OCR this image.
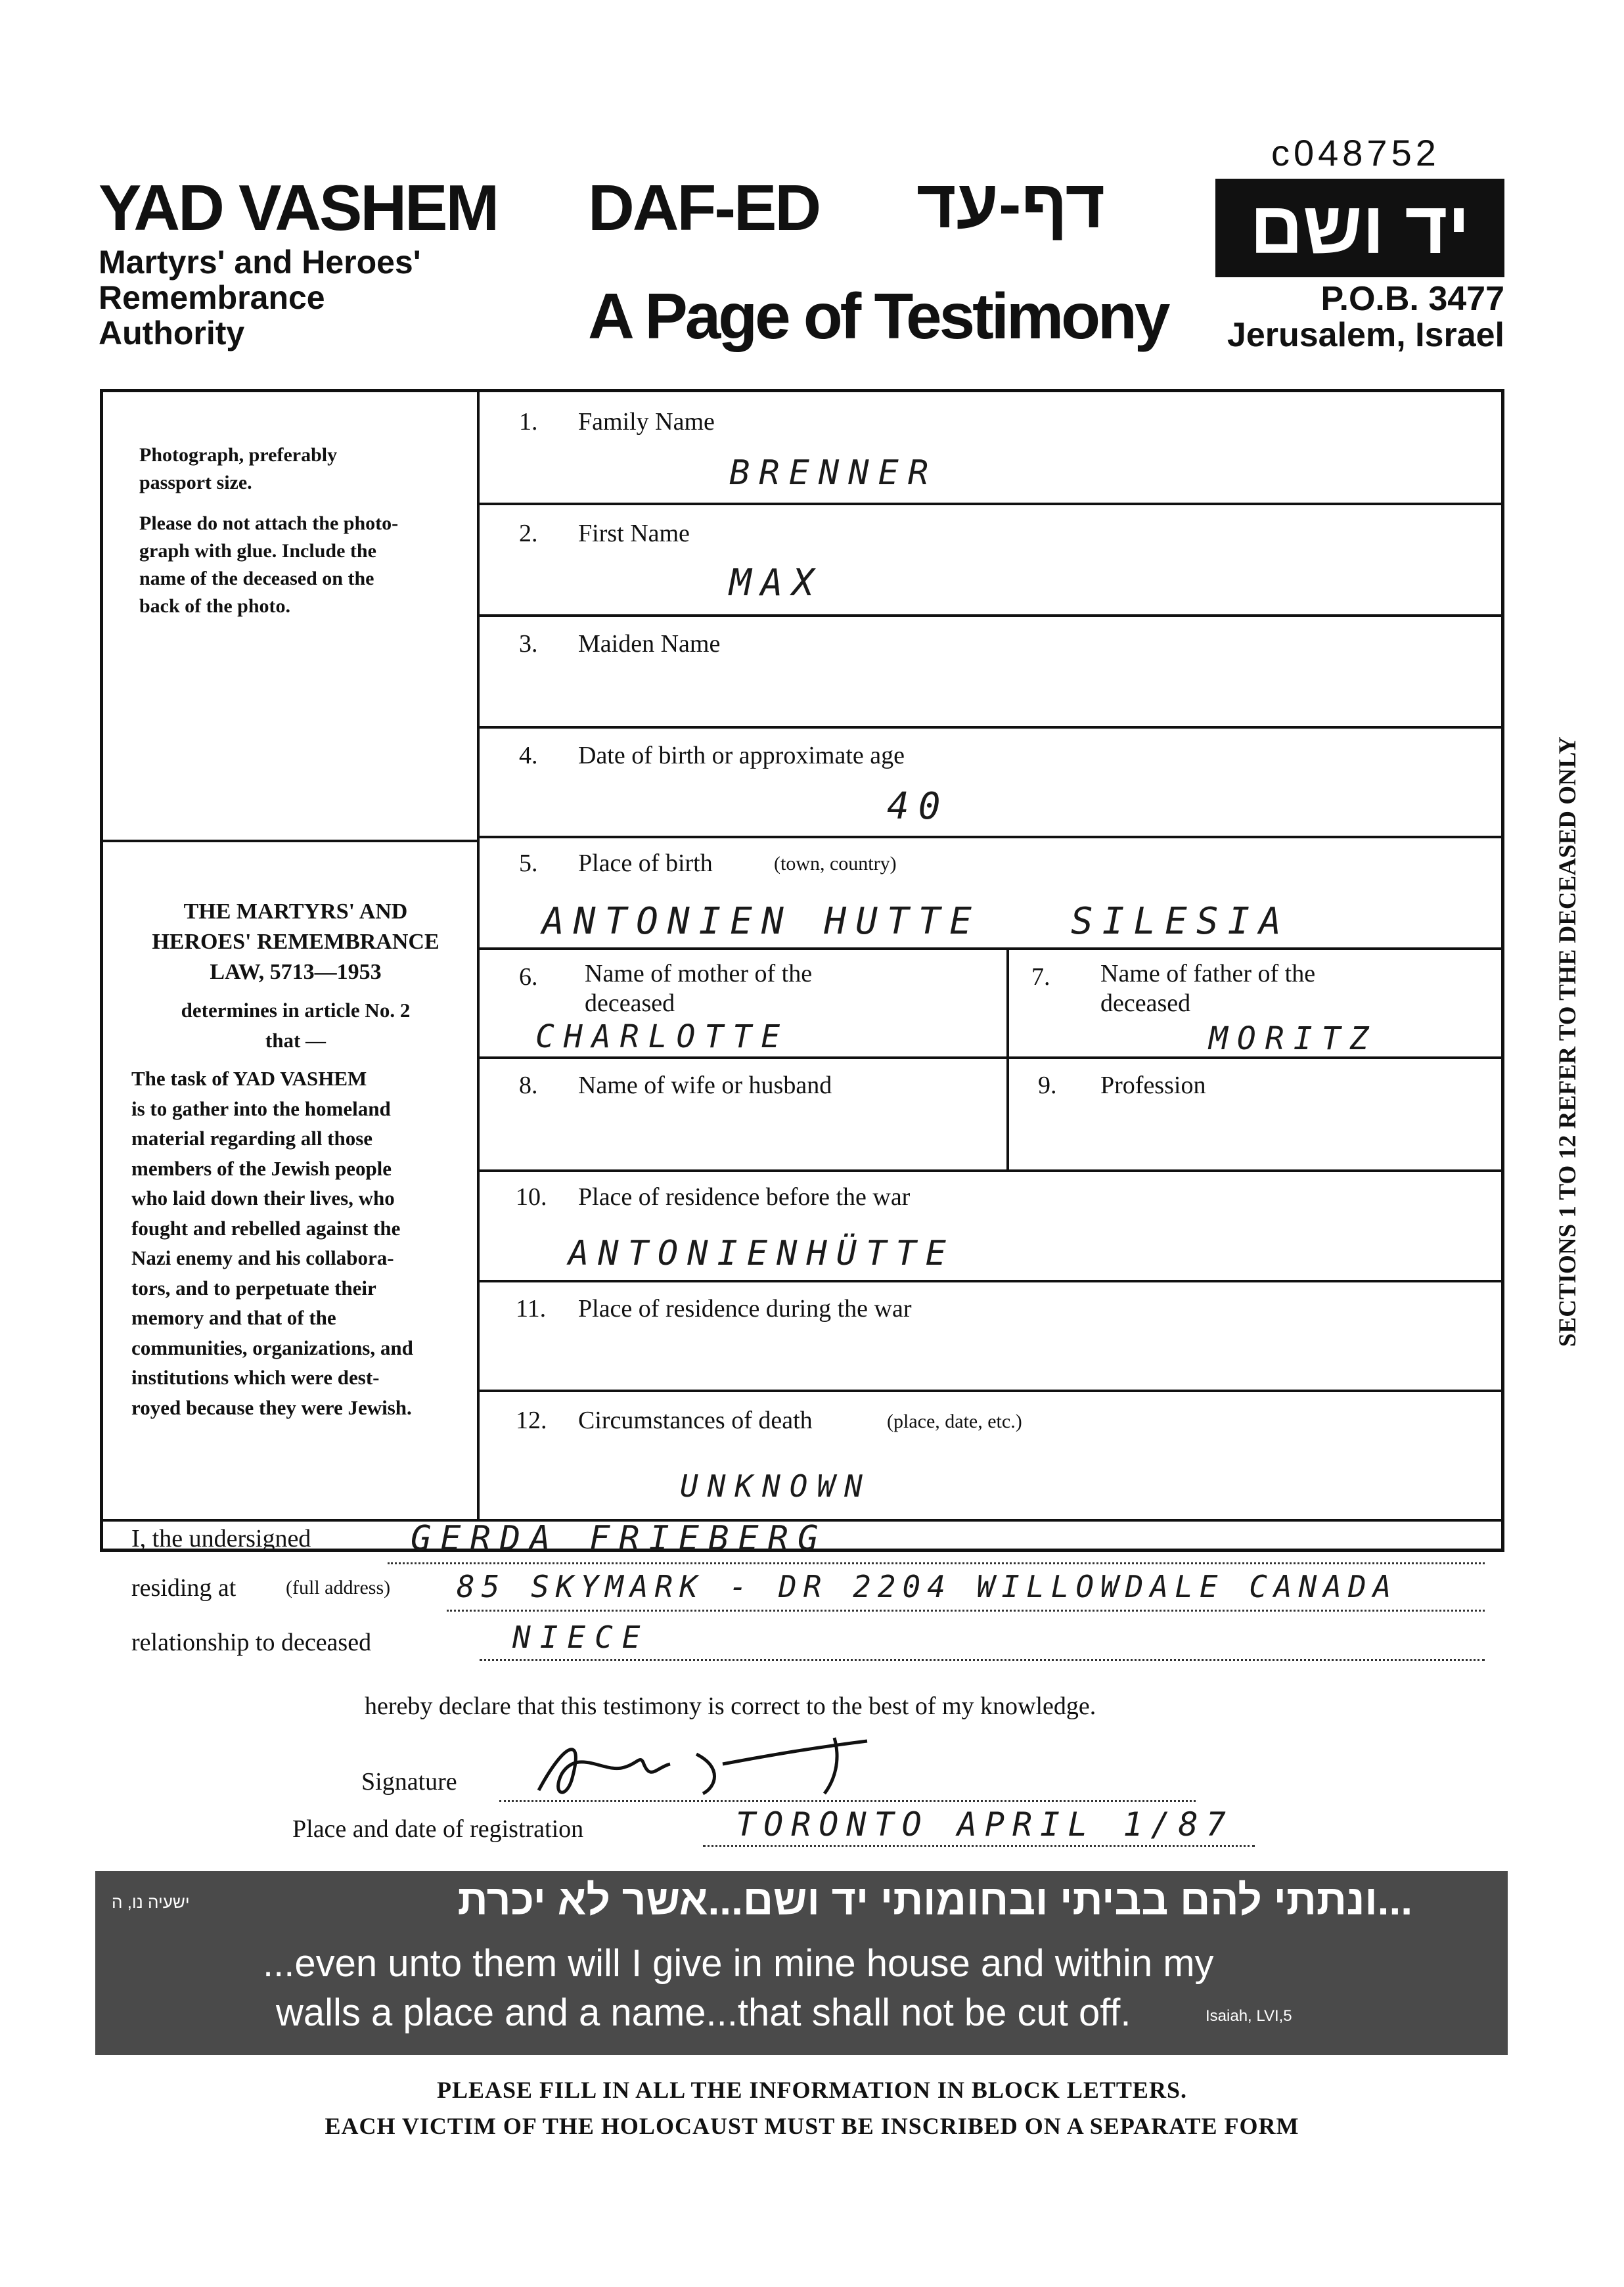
c048752
YAD VASHEM
Martyrs' and Heroes'
Remembrance
Authority
DAF-ED דף-עד
A Page of Testimony
יד ושם
P.O.B. 3477
Jerusalem, Israel
SECTIONS 1 TO 12 REFER TO THE DECEASED ONLY
Photograph, preferably
passport size.
Please do not attach the photo-
graph with glue. Include the
name of the deceased on the
back of the photo.
THE MARTYRS' AND
HEROES' REMEMBRANCE
LAW, 5713—1953
determines in article No. 2
that —
The task of YAD VASHEM
is to gather into the homeland
material regarding all those
members of the Jewish people
who laid down their lives, who
fought and rebelled against the
Nazi enemy and his collabora-
tors, and to perpetuate their
memory and that of the
communities, organizations, and
institutions which were dest-
royed because they were Jewish.
1. Family Name
BRENNER
2. First Name
MAX
3. Maiden Name
4. Date of birth or approximate age
40
5. Place of birth	(town, country)
ANTONIEN HUTTE SILESIA
6. Name of mother of the
deceased
CHARLOTTE
7. Name of father of the
deceased
MORITZ
8. Name of wife or husband	9. Profession
10. Place of residence before the war
ANTONIENHÜTTE
11. Place of residence during the war
12. Circumstances of death	(place, date, etc.)
UNKNOWN
I, the undersigned	GERDA FRIEBERG
residing at	(full address) 85 SKYMARK - DR 2204 WILLOWDALE CANADA
relationship to deceased	NIECE
hereby declare that this testimony is correct to the best of my knowledge.
Signature
Place and date of registration	TORONTO APRIL 1/87
...ונתתי להם בביתי ובחומותי יד ושם...אשר לא יכרת
ישעיה נו, ה
...even unto them will I give in mine house and within my
walls a place and a name...that shall not be cut off.	Isaiah, LVI,5
PLEASE FILL IN ALL THE INFORMATION IN BLOCK LETTERS.
EACH VICTIM OF THE HOLOCAUST MUST BE INSCRIBED ON A SEPARATE FORM
